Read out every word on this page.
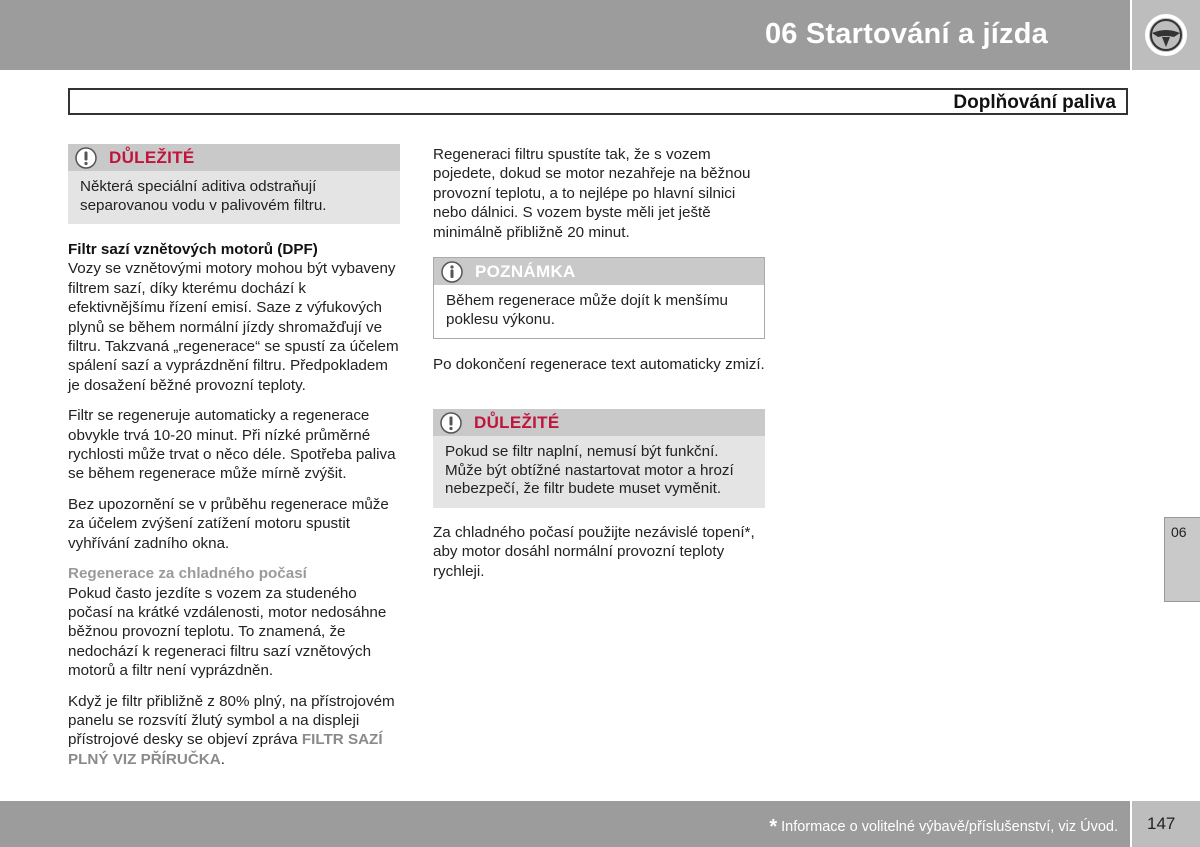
06 Startování a jízda
Doplňování paliva
DŮLEŽITÉ
Některá speciální aditiva odstraňují separovanou vodu v palivovém filtru.

Filtr sazí vznětových motorů (DPF)

Vozy se vznětovými motory mohou být vybaveny filtrem sazí, díky kterému dochází k efektivnějšímu řízení emisí. Saze z výfukových plynů se během normální jízdy shromažďují ve filtru. Takzvaná „regenerace“ se spustí za účelem spálení sazí a vyprázdnění filtru. Předpokladem je dosažení běžné provozní teploty.

Filtr se regeneruje automaticky a regenerace obvykle trvá 10-20 minut. Při nízké průměrné rychlosti může trvat o něco déle. Spotřeba paliva se během regenerace může mírně zvýšit.

Bez upozornění se v průběhu regenerace může za účelem zvýšení zatížení motoru spustit vyhřívání zadního okna.

Regenerace za chladného počasí

Pokud často jezdíte s vozem za studeného počasí na krátké vzdálenosti, motor nedosáhne běžnou provozní teplotu. To znamená, že nedochází k regeneraci filtru sazí vznětových motorů a filtr není vyprázdněn.

Když je filtr přibližně z 80% plný, na přístrojovém panelu se rozsvítí žlutý symbol a na displeji přístrojové desky se objeví zpráva FILTR SAZÍ PLNÝ VIZ PŘÍRUČKA.

Regeneraci filtru spustíte tak, že s vozem pojedete, dokud se motor nezahřeje na běžnou provozní teplotu, a to nejlépe po hlavní silnici nebo dálnici. S vozem byste měli jet ještě minimálně přibližně 20 minut.

POZNÁMKA
Během regenerace může dojít k menšímu poklesu výkonu.

Po dokončení regenerace text automaticky zmizí.

DŮLEŽITÉ
Pokud se filtr naplní, nemusí být funkční. Může být obtížné nastartovat motor a hrozí nebezpečí, že filtr budete muset vyměnit.

Za chladného počasí použijte nezávislé topení*, aby motor dosáhl normální provozní teploty rychleji.

06
* Informace o volitelné výbavě/příslušenství, viz Úvod. 147
